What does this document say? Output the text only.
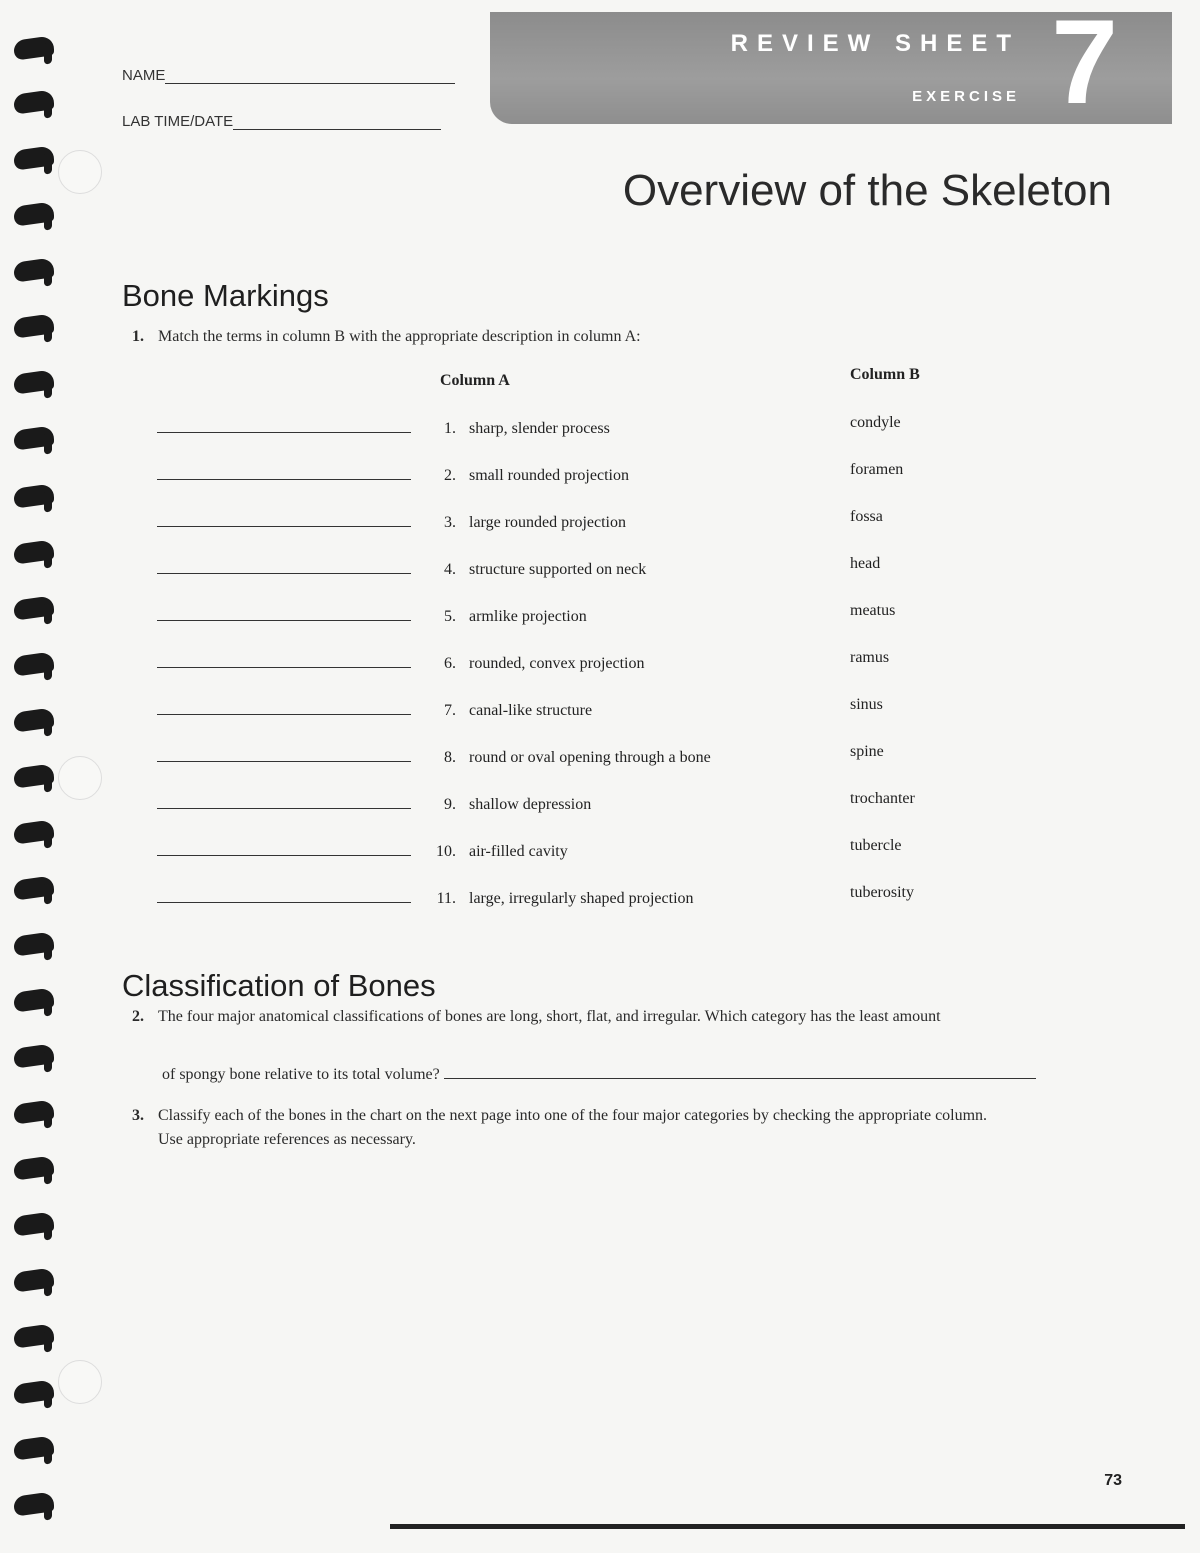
NAME
LAB TIME/DATE
REVIEW SHEET
EXERCISE 7
Overview of the Skeleton
Bone Markings
1. Match the terms in column B with the appropriate description in column A:
Column A	Column B
1. sharp, slender process	condyle
2. small rounded projection	foramen
3. large rounded projection	fossa
4. structure supported on neck	head
5. armlike projection	meatus
6. rounded, convex projection	ramus
7. canal-like structure	sinus
8. round or oval opening through a bone	spine
9. shallow depression	trochanter
10. air-filled cavity	tubercle
11. large, irregularly shaped projection	tuberosity
Classification of Bones
2. The four major anatomical classifications of bones are long, short, flat, and irregular. Which category has the least amount
of spongy bone relative to its total volume?
3. Classify each of the bones in the chart on the next page into one of the four major categories by checking the appropriate column.
Use appropriate references as necessary.
73
